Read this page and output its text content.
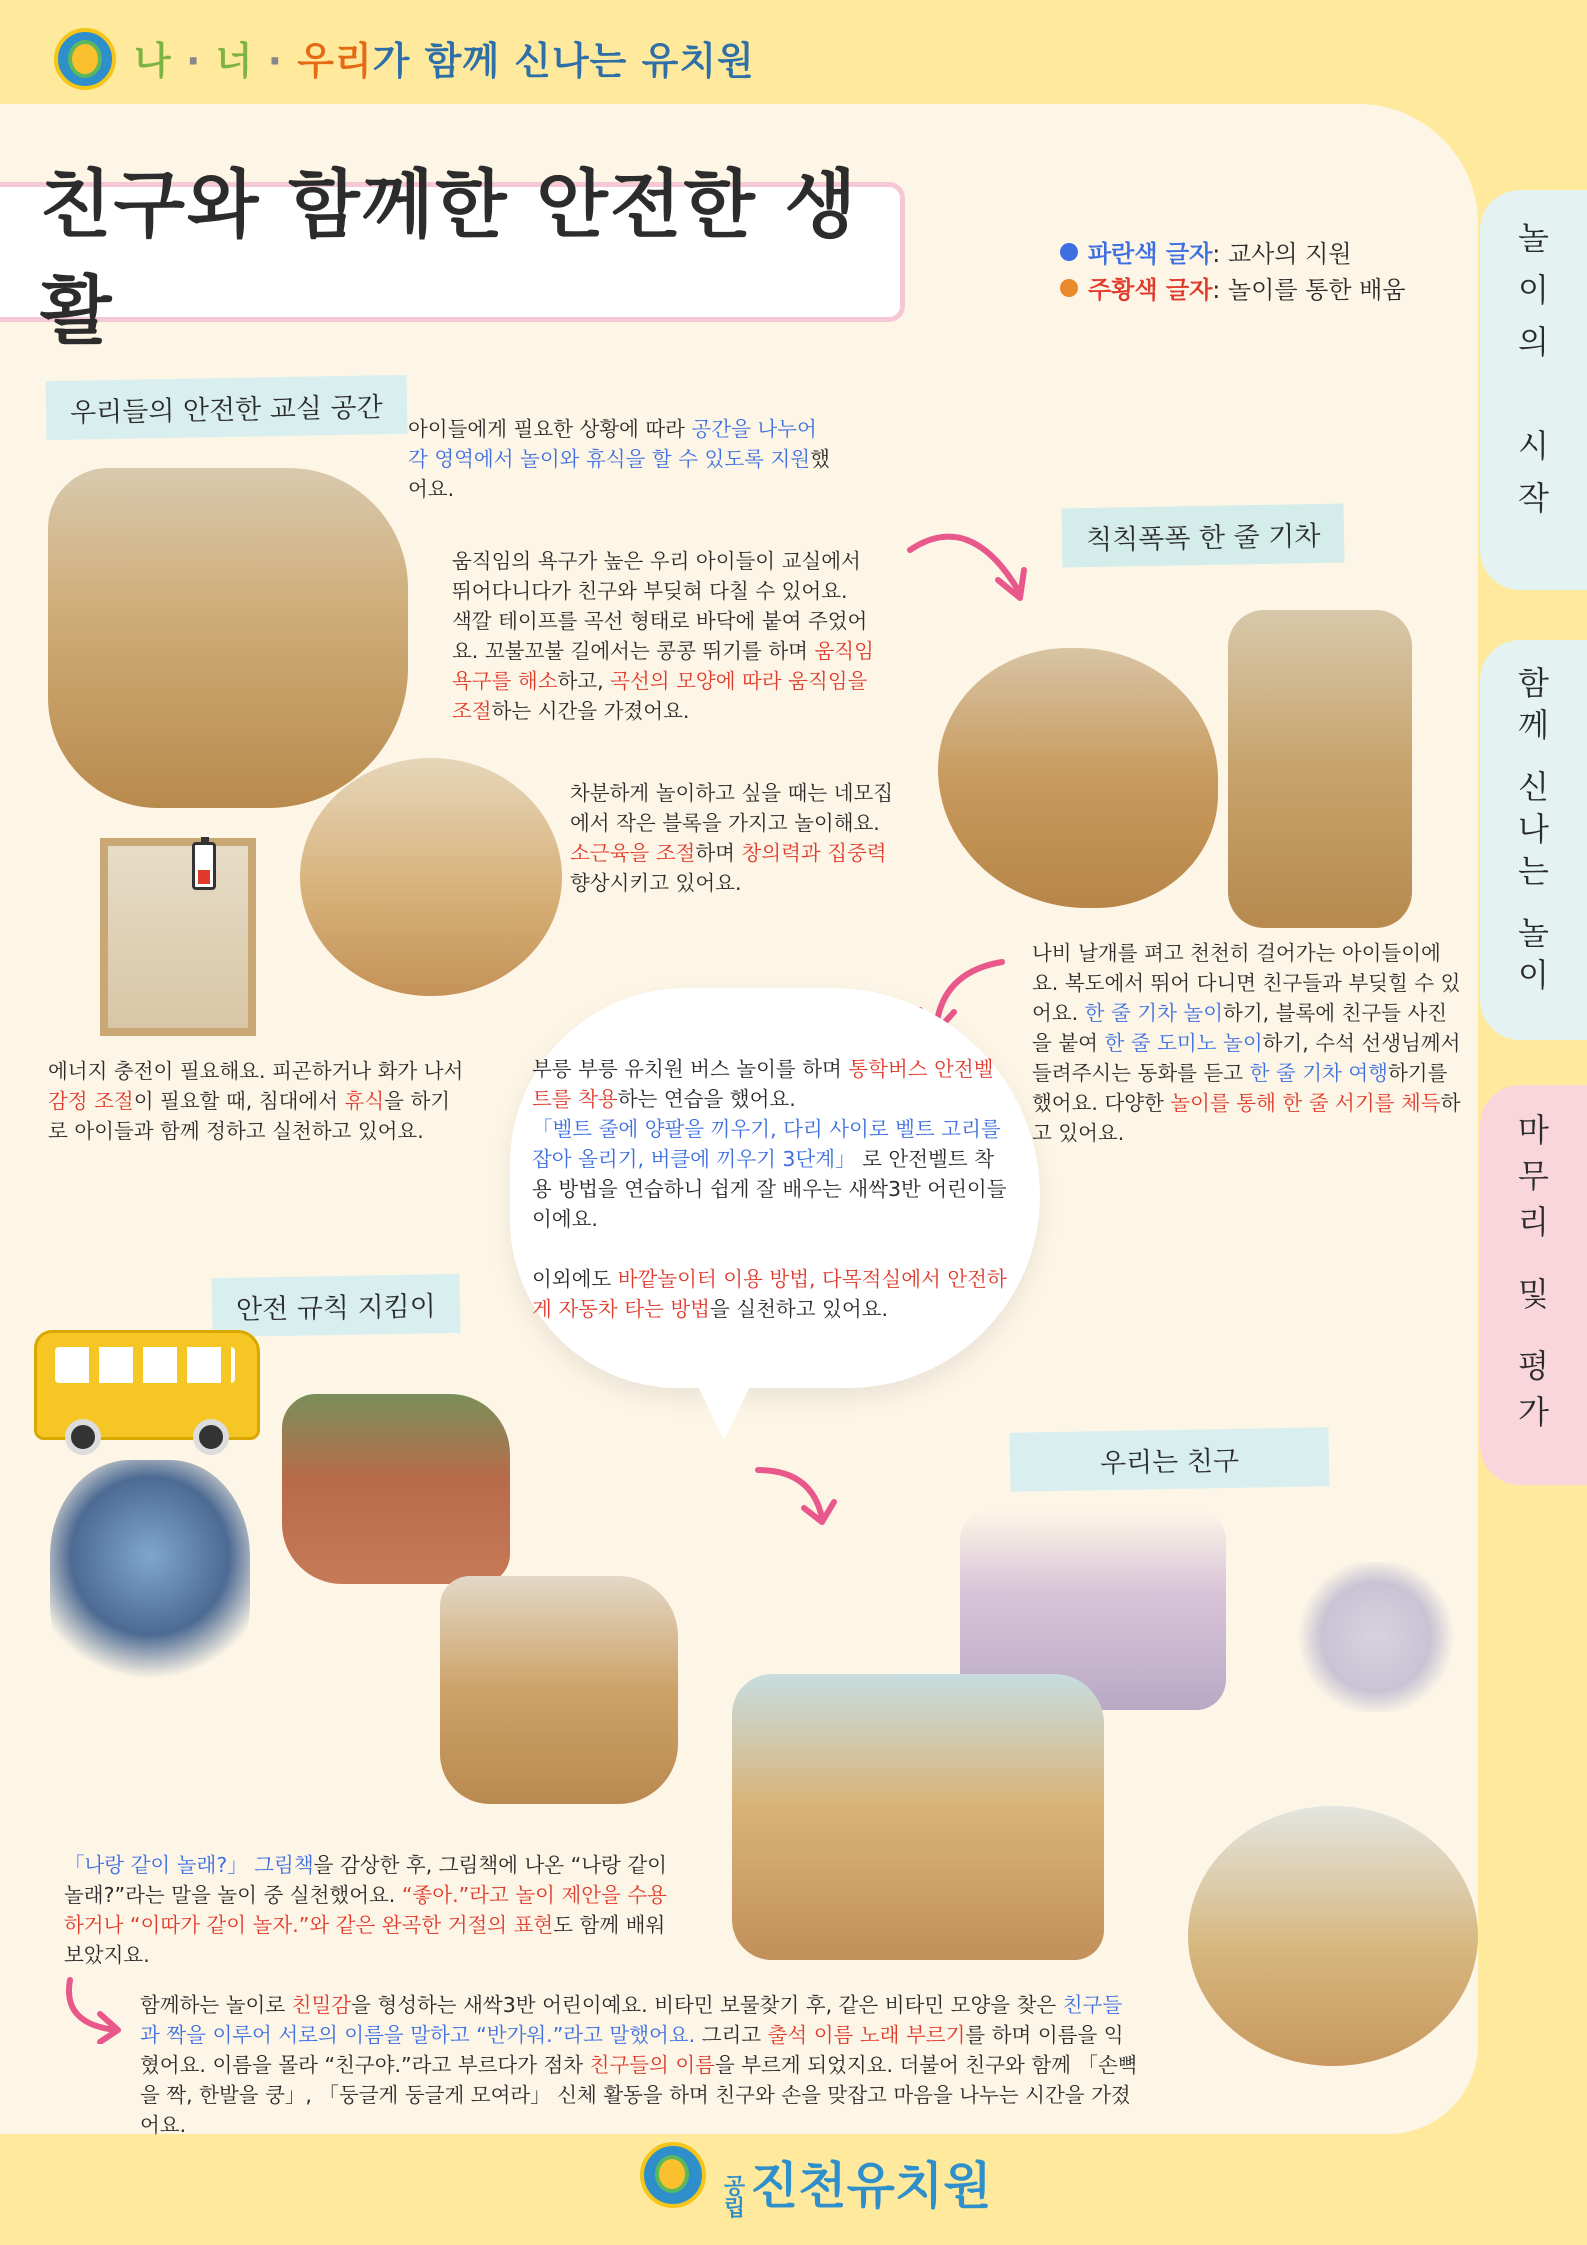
나 · 너 · 우리가 함께 신나는 유치원
친구와 함께한 안전한 생활
파란색 글자: 교사의 지원
주황색 글자: 놀이를 통한 배움
놀
이
의
시
작
함
께
신
나
는
놀
이
마
무
리
및
평
가
우리들의 안전한 교실 공간
칙칙폭폭 한 줄 기차
안전 규칙 지킴이
우리는 친구
아이들에게 필요한 상황에 따라 공간을 나누어 각 영역에서 놀이와 휴식을 할 수 있도록 지원했어요.
움직임의 욕구가 높은 우리 아이들이 교실에서 뛰어다니다가 친구와 부딪혀 다칠 수 있어요.
색깔 테이프를 곡선 형태로 바닥에 붙여 주었어요. 꼬불꼬불 길에서는 콩콩 뛰기를 하며 움직임 욕구를 해소하고, 곡선의 모양에 따라 움직임을 조절하는 시간을 가졌어요.
차분하게 놀이하고 싶을 때는 네모집에서 작은 블록을 가지고 놀이해요. 소근육을 조절하며 창의력과 집중력 향상시키고 있어요.
에너지 충전이 필요해요. 피곤하거나 화가 나서 감정 조절이 필요할 때, 침대에서 휴식을 하기로 아이들과 함께 정하고 실천하고 있어요.
부릉 부릉 유치원 버스 놀이를 하며 통학버스 안전벨트를 착용하는 연습을 했어요.
「벨트 줄에 양팔을 끼우기, 다리 사이로 벨트 고리를 잡아 올리기, 버클에 끼우기 3단계」 로 안전벨트 착용 방법을 연습하니 쉽게 잘 배우는 새싹3반 어린이들이에요.

이외에도 바깥놀이터 이용 방법, 다목적실에서 안전하게 자동차 타는 방법을 실천하고 있어요.
나비 날개를 펴고 천천히 걸어가는 아이들이에요. 복도에서 뛰어 다니면 친구들과 부딪힐 수 있어요. 한 줄 기차 놀이하기, 블록에 친구들 사진을 붙여 한 줄 도미노 놀이하기, 수석 선생님께서 들려주시는 동화를 듣고 한 줄 기차 여행하기를 했어요. 다양한 놀이를 통해 한 줄 서기를 체득하고 있어요.
「나랑 같이 놀래?」 그림책을 감상한 후, 그림책에 나온 “나랑 같이 놀래?”라는 말을 놀이 중 실천했어요. “좋아.”라고 놀이 제안을 수용하거나 “이따가 같이 놀자.”와 같은 완곡한 거절의 표현도 함께 배워보았지요.
함께하는 놀이로 친밀감을 형성하는 새싹3반 어린이예요. 비타민 보물찾기 후, 같은 비타민 모양을 찾은 친구들과 짝을 이루어 서로의 이름을 말하고 “반가워.”라고 말했어요. 그리고 출석 이름 노래 부르기를 하며 이름을 익혔어요. 이름을 몰라 “친구야.”라고 부르다가 점차 친구들의 이름을 부르게 되었지요. 더불어 친구와 함께 「손뼉을 짝, 한발을 쿵」, 「둥글게 둥글게 모여라」 신체 활동을 하며 친구와 손을 맞잡고 마음을 나누는 시간을 가졌어요.
공립 진천유치원
